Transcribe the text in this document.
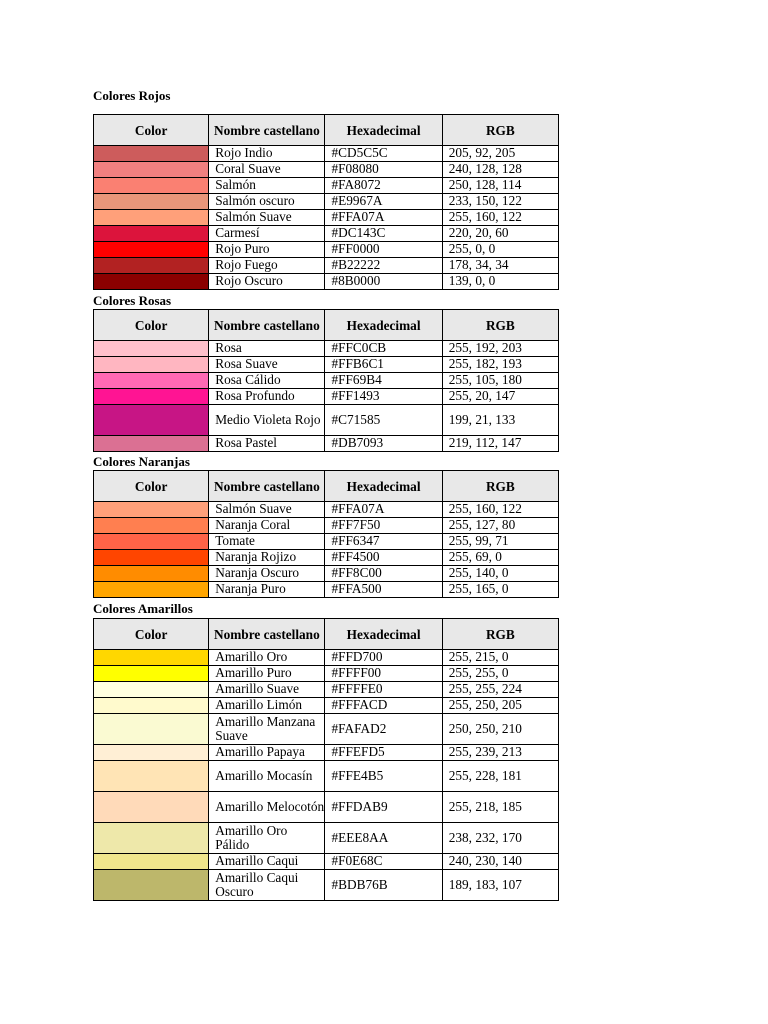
Colores Rojos
Color	Nombre castellano	Hexadecimal	RGB
	Rojo Indio	#CD5C5C	205, 92, 205
	Coral Suave	#F08080	240, 128, 128
	Salmón	#FA8072	250, 128, 114
	Salmón oscuro	#E9967A	233, 150, 122
	Salmón Suave	#FFA07A	255, 160, 122
	Carmesí	#DC143C	220, 20, 60
	Rojo Puro	#FF0000	255, 0, 0
	Rojo Fuego	#B22222	178, 34, 34
	Rojo Oscuro	#8B0000	139, 0, 0
Colores Rosas
Color	Nombre castellano	Hexadecimal	RGB
	Rosa	#FFC0CB	255, 192, 203
	Rosa Suave	#FFB6C1	255, 182, 193
	Rosa Cálido	#FF69B4	255, 105, 180
	Rosa Profundo	#FF1493	255, 20, 147
	Medio Violeta Rojo	#C71585	199, 21, 133
	Rosa Pastel	#DB7093	219, 112, 147
Colores Naranjas
Color	Nombre castellano	Hexadecimal	RGB
	Salmón Suave	#FFA07A	255, 160, 122
	Naranja Coral	#FF7F50	255, 127, 80
	Tomate	#FF6347	255, 99, 71
	Naranja Rojizo	#FF4500	255, 69, 0
	Naranja Oscuro	#FF8C00	255, 140, 0
	Naranja Puro	#FFA500	255, 165, 0
Colores Amarillos
Color	Nombre castellano	Hexadecimal	RGB
	Amarillo Oro	#FFD700	255, 215, 0
	Amarillo Puro	#FFFF00	255, 255, 0
	Amarillo Suave	#FFFFE0	255, 255, 224
	Amarillo Limón	#FFFACD	255, 250, 205
	Amarillo Manzana Suave	#FAFAD2	250, 250, 210
	Amarillo Papaya	#FFEFD5	255, 239, 213
	Amarillo Mocasín	#FFE4B5	255, 228, 181
	Amarillo Melocotón	#FFDAB9	255, 218, 185
	Amarillo Oro Pálido	#EEE8AA	238, 232, 170
	Amarillo Caqui	#F0E68C	240, 230, 140
	Amarillo Caqui Oscuro	#BDB76B	189, 183, 107
